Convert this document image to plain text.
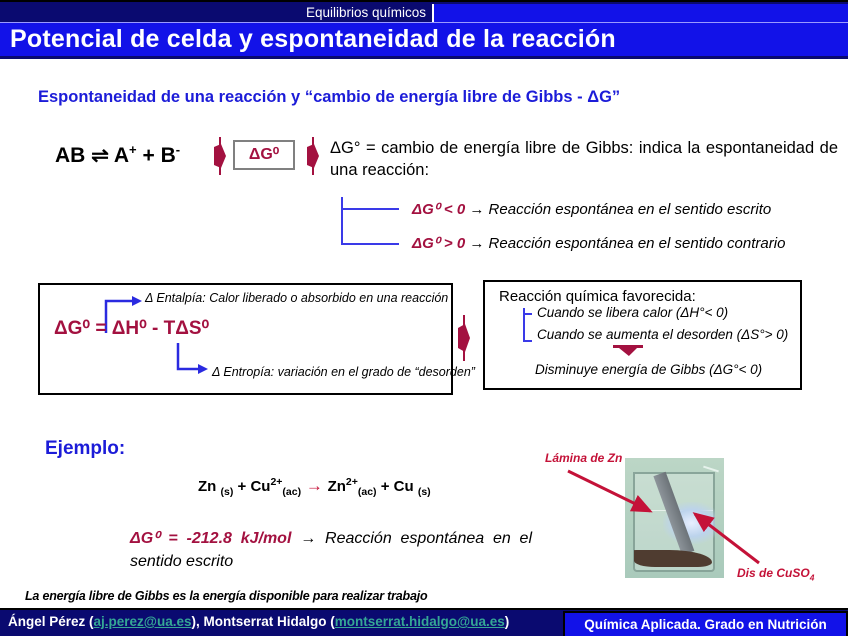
Equilibrios químicos
Potencial de celda y espontaneidad de la reacción
Espontaneidad de una reacción y “cambio de energía libre de Gibbs - ΔG”
AB ⇌ A+ + B-	ΔG⁰	ΔG° = cambio de energía libre de Gibbs: indica la espontaneidad de una reacción:
ΔG⁰ < 0 → Reacción espontánea en el sentido escrito
ΔG⁰ > 0 → Reacción espontánea en el sentido contrario
Δ Entalpía: Calor liberado o absorbido en una reacción
ΔG⁰ = ΔH⁰ - TΔS⁰
Δ Entropía: variación en el grado de “desorden”
Reacción química favorecida:
Cuando se libera calor (ΔH°< 0)
Cuando se aumenta el desorden (ΔS°> 0)
Disminuye energía de Gibbs (ΔG°< 0)
Ejemplo:
Zn $_{(s)} + Cu^{2+}_{(ac)} \to Zn^{2+}_{(ac)} + Cu$ $_{(s)}$
ΔG⁰ = -212.8 kJ/mol → Reacción espontánea en el sentido escrito
Lámina de Zn
Dis de CuSO$_4$
La energía libre de Gibbs es la energía disponible para realizar trabajo
Ángel Pérez (aj.perez@ua.es), Montserrat Hidalgo (montserrat.hidalgo@ua.es)	Química Aplicada. Grado en Nutrición
